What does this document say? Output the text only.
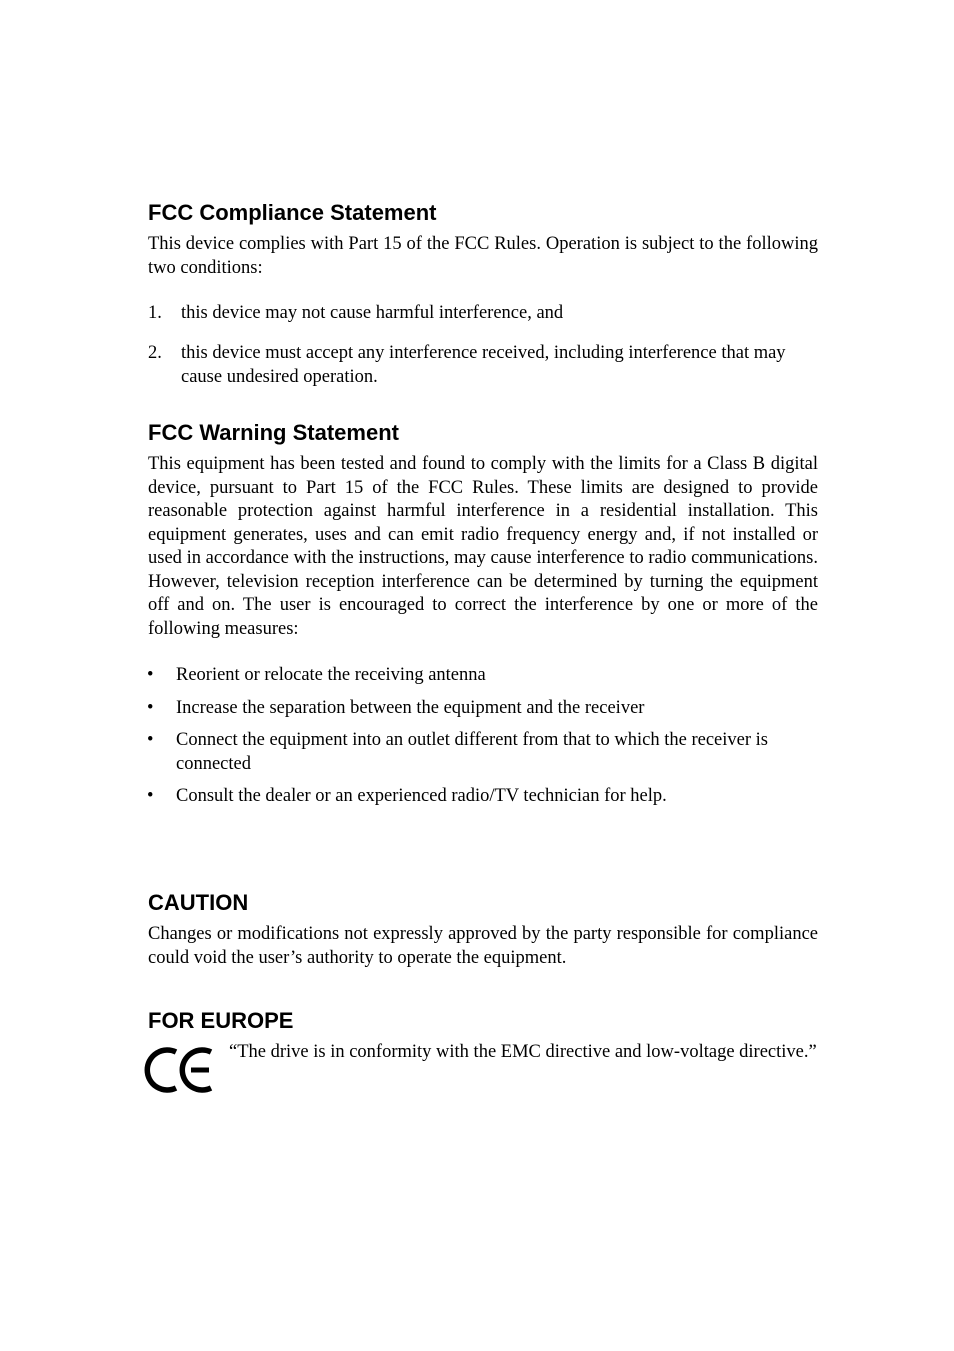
FCC Compliance Statement

This device complies with Part 15 of the FCC Rules. Operation is subject to the following two conditions:

1. this device may not cause harmful interference, and
2. this device must accept any interference received, including interference that may cause undesired operation.
FCC Warning Statement

This equipment has been tested and found to comply with the limits for a Class B digital device, pursuant to Part 15 of the FCC Rules. These limits are designed to provide reasonable protection against harmful interference in a residential installation. This equipment generates, uses and can emit radio frequency energy and, if not installed or used in accordance with the instructions, may cause interference to radio communications. However, television reception interference can be determined by turning the equipment off and on. The user is encouraged to correct the interference by one or more of the following measures:

• Reorient or relocate the receiving antenna
• Increase the separation between the equipment and the receiver
• Connect the equipment into an outlet different from that to which the receiver is connected
• Consult the dealer or an experienced radio/TV technician for help.
CAUTION

Changes or modifications not expressly approved by the party responsible for compliance could void the user’s authority to operate the equipment.

FOR EUROPE

“The drive is in conformity with the EMC directive and low-voltage directive.”
